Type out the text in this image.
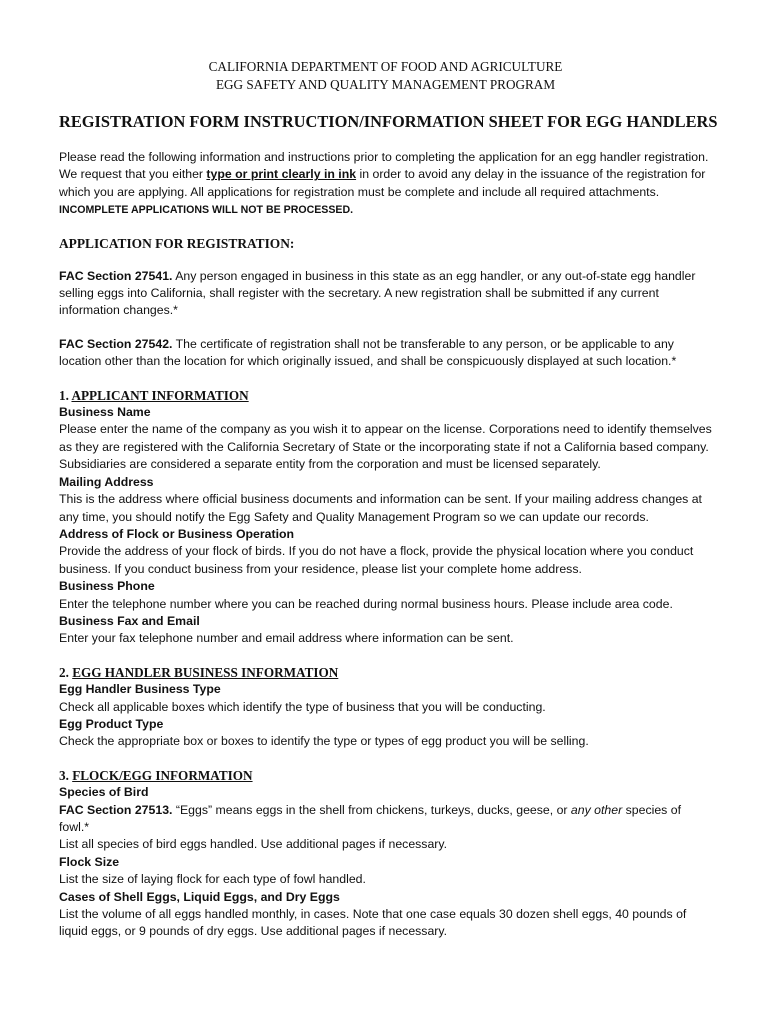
CALIFORNIA DEPARTMENT OF FOOD AND AGRICULTURE
EGG SAFETY AND QUALITY MANAGEMENT PROGRAM
REGISTRATION FORM INSTRUCTION/INFORMATION SHEET FOR EGG HANDLERS

Please read the following information and instructions prior to completing the application for an egg handler registration. We request that you either type or print clearly in ink in order to avoid any delay in the issuance of the registration for which you are applying. All applications for registration must be complete and include all required attachments. INCOMPLETE APPLICATIONS WILL NOT BE PROCESSED.

APPLICATION FOR REGISTRATION:

FAC Section 27541. Any person engaged in business in this state as an egg handler, or any out-of-state egg handler selling eggs into California, shall register with the secretary. A new registration shall be submitted if any current information changes.*

FAC Section 27542. The certificate of registration shall not be transferable to any person, or be applicable to any location other than the location for which originally issued, and shall be conspicuously displayed at such location.*

1. APPLICANT INFORMATION
Business Name

Please enter the name of the company as you wish it to appear on the license. Corporations need to identify themselves as they are registered with the California Secretary of State or the incorporating state if not a California based company.

Subsidiaries are considered a separate entity from the corporation and must be licensed separately.

Mailing Address

This is the address where official business documents and information can be sent. If your mailing address changes at any time, you should notify the Egg Safety and Quality Management Program so we can update our records.

Address of Flock or Business Operation

Provide the address of your flock of birds. If you do not have a flock, provide the physical location where you conduct business. If you conduct business from your residence, please list your complete home address.

Business Phone

Enter the telephone number where you can be reached during normal business hours. Please include area code.

Business Fax and Email

Enter your fax telephone number and email address where information can be sent.

2. EGG HANDLER BUSINESS INFORMATION
Egg Handler Business Type

Check all applicable boxes which identify the type of business that you will be conducting.

Egg Product Type

Check the appropriate box or boxes to identify the type or types of egg product you will be selling.

3. FLOCK/EGG INFORMATION
Species of Bird

FAC Section 27513. “Eggs” means eggs in the shell from chickens, turkeys, ducks, geese, or any other species of fowl.*

List all species of bird eggs handled. Use additional pages if necessary.

Flock Size

List the size of laying flock for each type of fowl handled.

Cases of Shell Eggs, Liquid Eggs, and Dry Eggs

List the volume of all eggs handled monthly, in cases. Note that one case equals 30 dozen shell eggs, 40 pounds of liquid eggs, or 9 pounds of dry eggs. Use additional pages if necessary.
